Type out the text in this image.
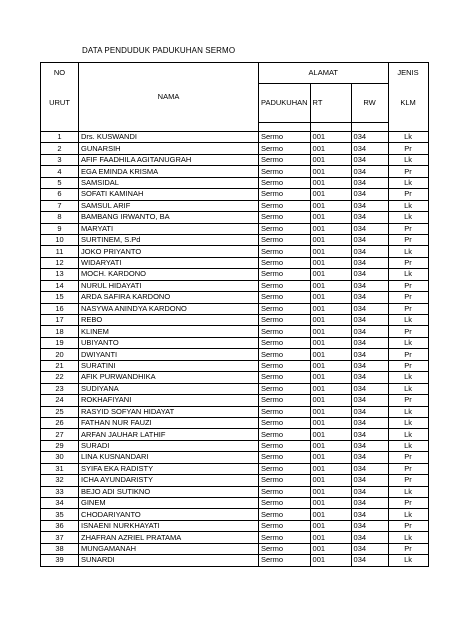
DATA PENDUDUK PADUKUHAN SERMO
NO	NAMA	ALAMAT			JENIS
URUT		PADUKUHAN	RT	RW	KLM

1	Drs. KUSWANDI	Sermo	001	034	Lk
2	GUNARSIH	Sermo	001	034	Pr
3	AFIF FAADHILA AGITANUGRAH	Sermo	001	034	Lk
4	EGA EMINDA KRISMA	Sermo	001	034	Pr
5	SAMSIDAL	Sermo	001	034	Lk
6	SOFATI KAMINAH	Sermo	001	034	Pr
7	SAMSUL ARIF	Sermo	001	034	Lk
8	BAMBANG IRWANTO, BA	Sermo	001	034	Lk
9	MARYATI	Sermo	001	034	Pr
10	SURTINEM, S.Pd	Sermo	001	034	Pr
11	JOKO PRIYANTO	Sermo	001	034	Lk
12	WIDARYATI	Sermo	001	034	Pr
13	MOCH. KARDONO	Sermo	001	034	Lk
14	NURUL HIDAYATI	Sermo	001	034	Pr
15	ARDA SAFIRA KARDONO	Sermo	001	034	Pr
16	NASYWA ANINDYA KARDONO	Sermo	001	034	Pr
17	REBO	Sermo	001	034	Lk
18	KLINEM	Sermo	001	034	Pr
19	UBIYANTO	Sermo	001	034	Lk
20	DWIYANTI	Sermo	001	034	Pr
21	SURATINI	Sermo	001	034	Pr
22	AFIK PURWANDHIKA	Sermo	001	034	Lk
23	SUDIYANA	Sermo	001	034	Lk
24	ROKHAFIYANI	Sermo	001	034	Pr
25	RASYID SOFYAN HIDAYAT	Sermo	001	034	Lk
26	FATHAN NUR FAUZI	Sermo	001	034	Lk
27	ARFAN JAUHAR LATHIF	Sermo	001	034	Lk
29	SURADI	Sermo	001	034	Lk
30	LINA KUSNANDARI	Sermo	001	034	Pr
31	SYIFA EKA RADISTY	Sermo	001	034	Pr
32	ICHA AYUNDARISTY	Sermo	001	034	Pr
33	BEJO ADI SUTIKNO	Sermo	001	034	Lk
34	GINEM	Sermo	001	034	Pr
35	CHODARIYANTO	Sermo	001	034	Lk
36	ISNAENI NURKHAYATI	Sermo	001	034	Pr
37	ZHAFRAN AZRIEL PRATAMA	Sermo	001	034	Lk
38	MUNGAMANAH	Sermo	001	034	Pr
39	SUNARDI	Sermo	001	034	Lk
